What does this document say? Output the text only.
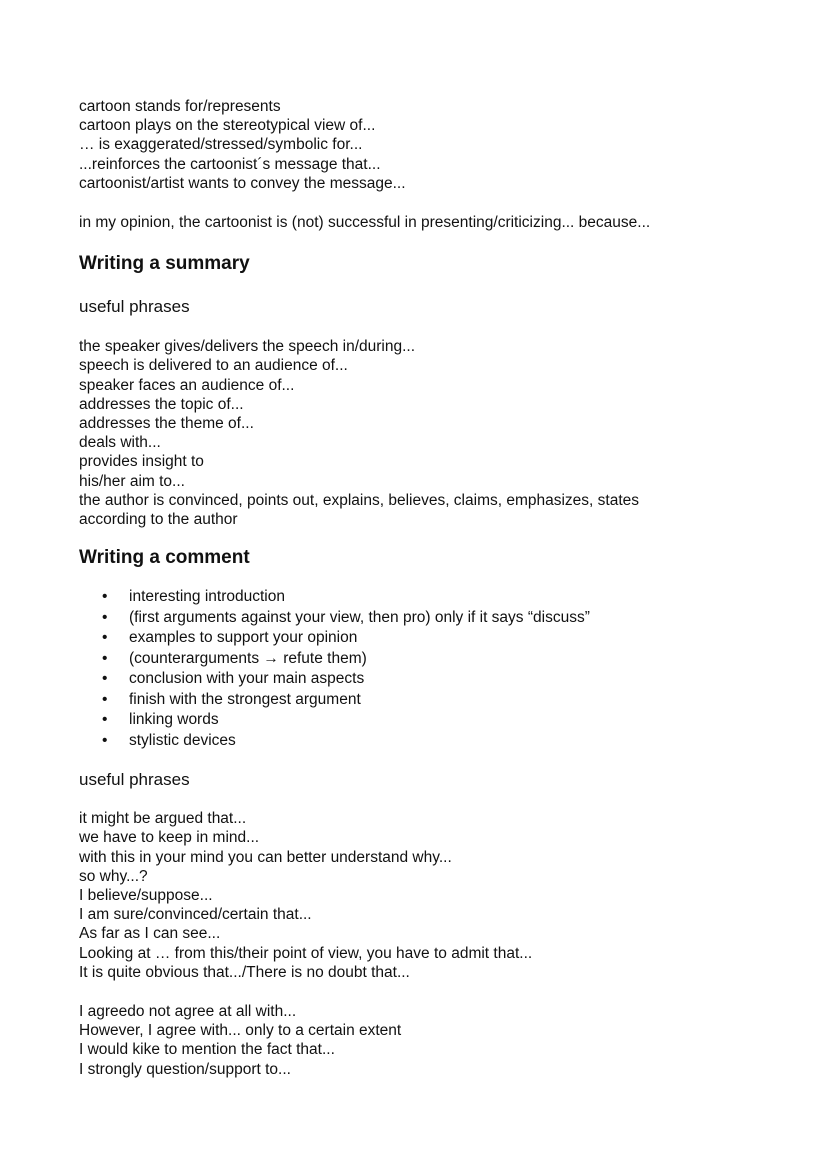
cartoon stands for/represents
cartoon plays on the stereotypical view of...
… is exaggerated/stressed/symbolic for...
...reinforces the cartoonist´s message that...
cartoonist/artist wants to convey the message...
in my opinion, the cartoonist is (not) successful in presenting/criticizing... because...
Writing a summary
useful phrases
the speaker gives/delivers the speech in/during...
speech is delivered to an audience of...
speaker faces an audience of...
addresses the topic of...
addresses the theme of...
deals with...
provides insight to
his/her aim to...
the author is convinced, points out, explains, believes, claims, emphasizes, states
according to the author
Writing a comment
• interesting introduction
• (first arguments against your view, then pro) only if it says “discuss”
• examples to support your opinion
• (counterarguments → refute them)
• conclusion with your main aspects
• finish with the strongest argument
• linking words
• stylistic devices
useful phrases
it might be argued that...
we have to keep in mind...
with this in your mind you can better understand why...
so why...?
I believe/suppose...
I am sure/convinced/certain that...
As far as I can see...
Looking at … from this/their point of view, you have to admit that...
It is quite obvious that.../There is no doubt that...
I agreedo not agree at all with...
However, I agree with... only to a certain extent
I would kike to mention the fact that...
I strongly question/support to...
